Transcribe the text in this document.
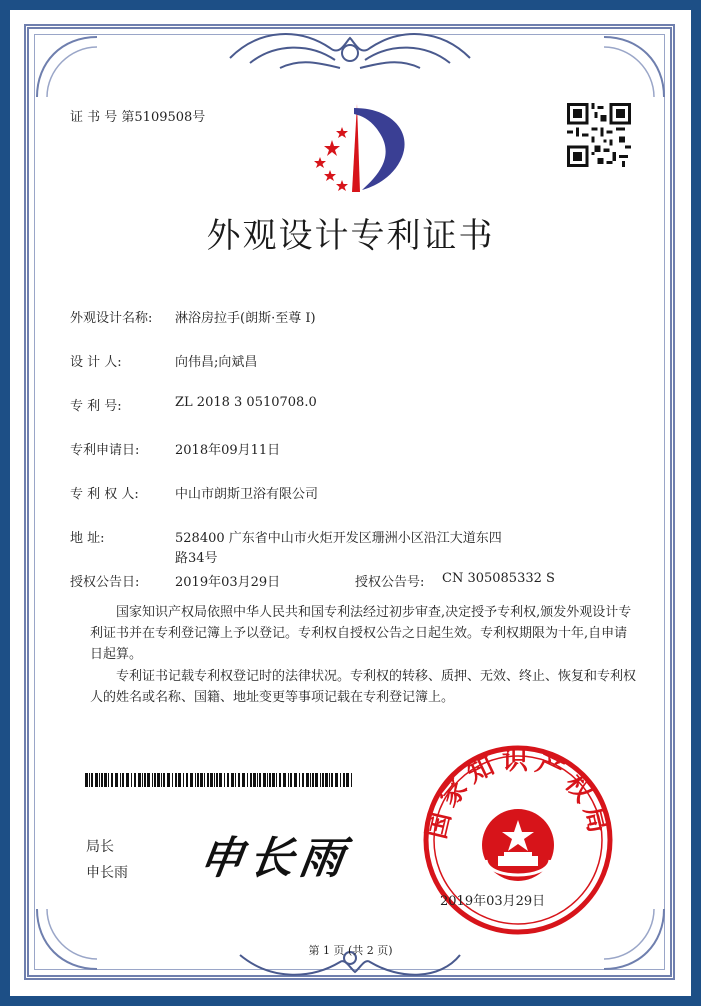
证 书 号 第5109508号
外观设计专利证书
外观设计名称: 淋浴房拉手(朗斯·至尊 I)
设 计 人:	向伟昌;向斌昌
专 利 号:	ZL 2018 3 0510708.0
专利申请日:	2018年09月11日
专 利 权 人:	中山市朗斯卫浴有限公司
地 址:	528400 广东省中山市火炬开发区珊洲小区沿江大道东四
路34号
授权公告日:	2019年03月29日	授权公告号: CN 305085332 S
国家知识产权局依照中华人民共和国专利法经过初步审查,决定授予专利权,颁发外观设计专利证书并在专利登记簿上予以登记。专利权自授权公告之日起生效。专利权期限为十年,自申请日起算。
专利证书记载专利权登记时的法律状况。专利权的转移、质押、无效、终止、恢复和专利权人的姓名或名称、国籍、地址变更等事项记载在专利登记簿上。
局长
申长雨 申长雨
国家知识产权局
2019年03月29日
第 1 页 (共 2 页)
